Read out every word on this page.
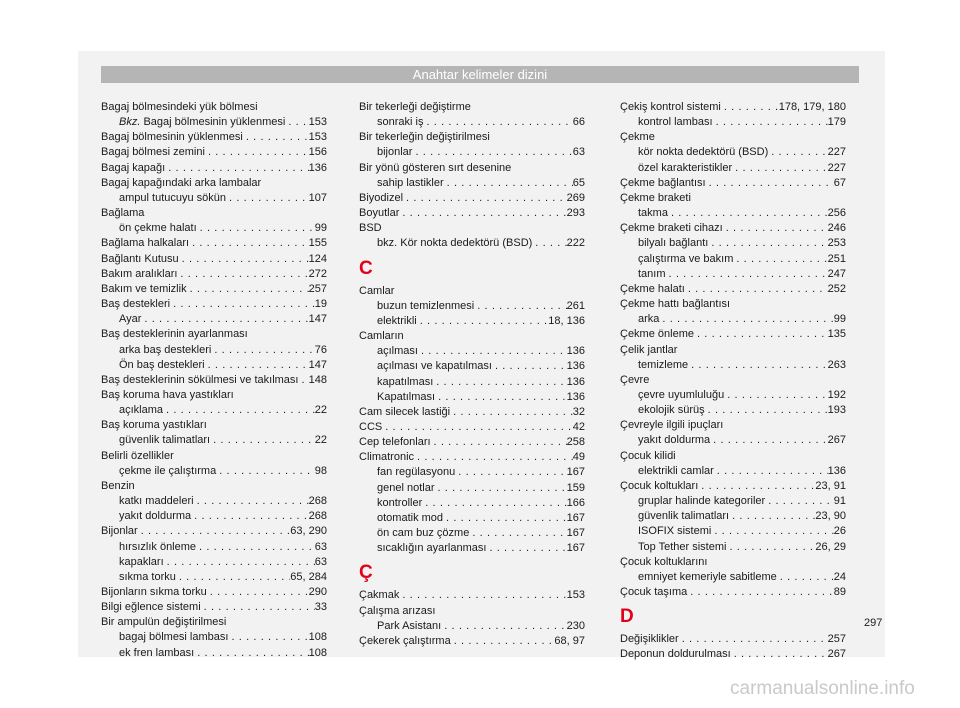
Anahtar kelimeler dizini
Bagaj bölmesindeki yük bölmesi
Bkz. Bagaj bölmesinin yüklenmesi . . . 153
Bagaj bölmesinin yüklenmesi . . .	153
Bagaj bölmesi zemini . . .	156
Bagaj kapağı . . .	136
Bagaj kapağındaki arka lambalar
ampul tutucuyu sökün . . .	107
Bağlama
ön çekme halatı . . .	99
Bağlama halkaları . . .	155
Bağlantı Kutusu . . .	124
Bakım aralıkları . . .	272
Bakım ve temizlik . . .	257
Baş destekleri . . .	19
Ayar . . .	147
Baş desteklerinin ayarlanması
arka baş destekleri . . .	76
Ön baş destekleri . . .	147
Baş desteklerinin sökülmesi ve takılması . . . 148
Baş koruma hava yastıkları
açıklama . . .	22
Baş koruma yastıkları
güvenlik talimatları . . .	22
Belirli özellikler
çekme ile çalıştırma . . .	98
Benzin
katkı maddeleri . . .	268
yakıt doldurma . . .	268
Bijonlar . . .	63, 290
hırsızlık önleme . . .	63
kapakları . . .	63
sıkma torku . . .	65, 284
Bijonların sıkma torku . . .	290
Bilgi eğlence sistemi . . .	33
Bir ampulün değiştirilmesi
bagaj bölmesi lambası . . .	108
ek fren lambası . . .	108
Bir tekerleği değiştirme
sonraki iş . . .	66
Bir tekerleğin değiştirilmesi
bijonlar . . .	63
Bir yönü gösteren sırt desenine
sahip lastikler . . .	65
Biyodizel . . .	269
Boyutlar . . .	293
BSD
bkz. Kör nokta dedektörü (BSD) . . .	222
C
Camlar
buzun temizlenmesi . . .	261
elektrikli . . .	18, 136
Camların
açılması . . .	136
açılması ve kapatılması . . .	136
kapatılması . . .	136
Kapatılması . . .	136
Cam silecek lastiği . . .	32
CCS . . .	42
Cep telefonları . . .	258
Climatronic . . .	49
fan regülasyonu . . .	167
genel notlar . . .	159
kontroller . . .	166
otomatik mod . . .	167
ön cam buz çözme . . .	167
sıcaklığın ayarlanması . . .	167
Ç
Çakmak . . .	153
Çalışma arızası
Park Asistanı . . .	230
Çekerek çalıştırma . . .	68, 97
Çekiş kontrol sistemi . . .	178, 179, 180
kontrol lambası . . .	179
Çekme
kör nokta dedektörü (BSD) . . .	227
özel karakteristikler . . .	227
Çekme bağlantısı . . .	67
Çekme braketi
takma . . .	256
Çekme braketi cihazı . . .	246
bilyalı bağlantı . . .	253
çalıştırma ve bakım . . .	251
tanım . . .	247
Çekme halatı . . .	252
Çekme hattı bağlantısı
arka . . .	99
Çekme önleme . . .	135
Çelik jantlar
temizleme . . .	263
Çevre
çevre uyumluluğu . . .	192
ekolojik sürüş . . .	193
Çevreyle ilgili ipuçları
yakıt doldurma . . .	267
Çocuk kilidi
elektrikli camlar . . .	136
Çocuk koltukları . . .	23, 91
gruplar halinde kategoriler . . .	91
güvenlik talimatları . . .	23, 90
ISOFIX sistemi . . .	26
Top Tether sistemi . . .	26, 29
Çocuk koltuklarını
emniyet kemeriyle sabitleme . . .	24
Çocuk taşıma . . .	89
D
Değişiklikler . . .	257
Deponun doldurulması . . .	267
297
carmanualsonline.info
